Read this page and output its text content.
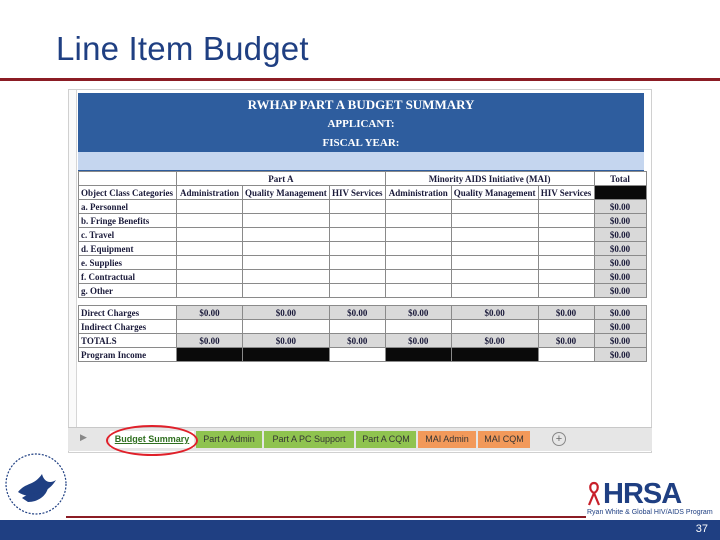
Line Item Budget
RWHAP PART A BUDGET SUMMARY
APPLICANT:
FISCAL YEAR:
	Part A			Minority AIDS Initiative (MAI)			Total
Object Class Categories	Administration	Quality Management	HIV Services	Administration	Quality Management	HIV Services	
a. Personnel							$0.00
b. Fringe Benefits							$0.00
c. Travel							$0.00
d. Equipment							$0.00
e. Supplies							$0.00
f. Contractual							$0.00
g. Other							$0.00

Direct Charges	$0.00	$0.00	$0.00	$0.00	$0.00	$0.00	$0.00
Indirect Charges							$0.00
TOTALS	$0.00	$0.00	$0.00	$0.00	$0.00	$0.00	$0.00
Program Income							$0.00
▶	Budget Summary	Part A Admin	Part A PC Support	Part A CQM	MAI Admin	MAI CQM	+
HRSA
Ryan White & Global HIV/AIDS Program
37
